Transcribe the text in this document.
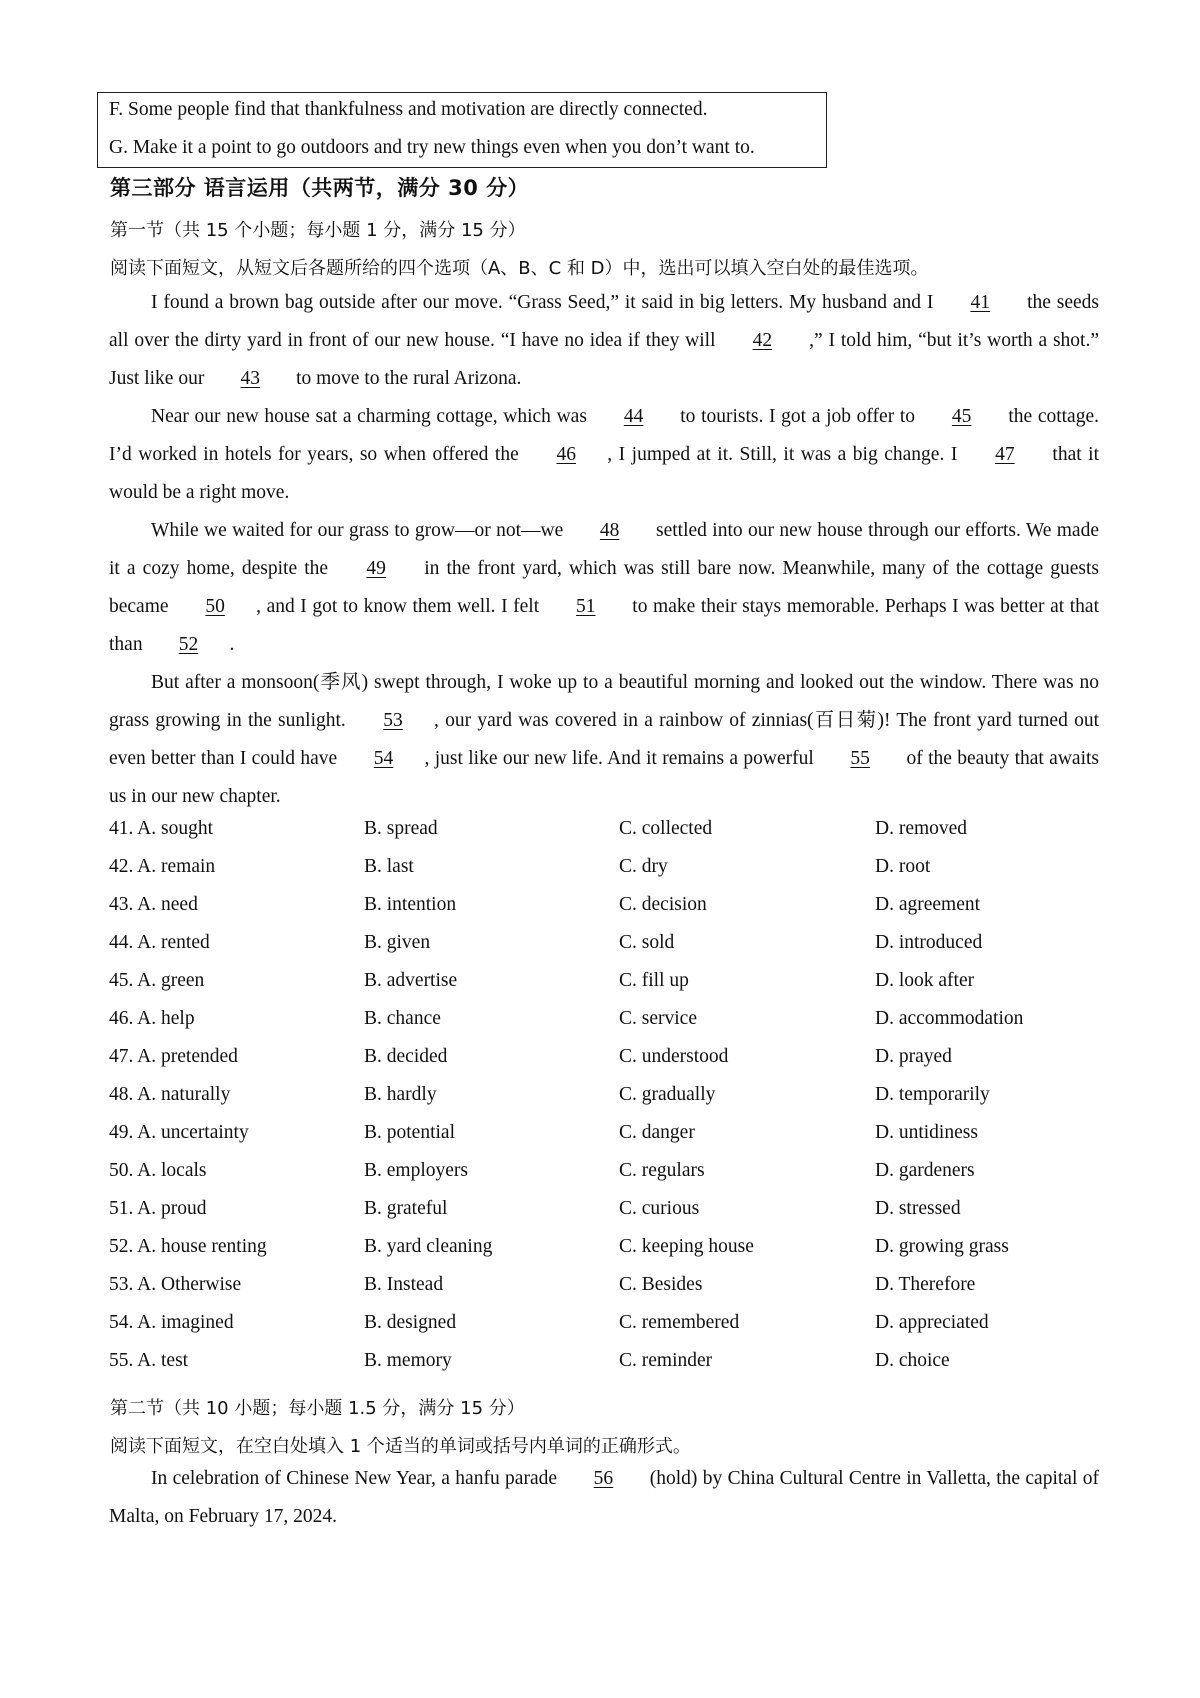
F. Some people find that thankfulness and motivation are directly connected.
G. Make it a point to go outdoors and try new things even when you don’t want to.
第三部分 语言运用（共两节，满分 30 分）
第一节（共 15 个小题；每小题 1 分，满分 15 分）
阅读下面短文，从短文后各题所给的四个选项（A、B、C 和 D）中，选出可以填入空白处的最佳选项。
I found a brown bag outside after our move. “Grass Seed,” it said in big letters. My husband and I 41 the seeds all over the dirty yard in front of our new house. “I have no idea if they will 42 ,” I told him, “but it’s worth a shot.” Just like our 43 to move to the rural Arizona.
Near our new house sat a charming cottage, which was 44 to tourists. I got a job offer to 45 the cottage. I’d worked in hotels for years, so when offered the 46 , I jumped at it. Still, it was a big change. I 47 that it would be a right move.
While we waited for our grass to grow—or not—we 48 settled into our new house through our efforts. We made it a cozy home, despite the 49 in the front yard, which was still bare now. Meanwhile, many of the cottage guests became 50 , and I got to know them well. I felt 51 to make their stays memorable. Perhaps I was better at that than 52 .
But after a monsoon(季风) swept through, I woke up to a beautiful morning and looked out the window. There was no grass growing in the sunlight. 53 , our yard was covered in a rainbow of zinnias(百日菊)! The front yard turned out even better than I could have 54 , just like our new life. And it remains a powerful 55 of the beauty that awaits us in our new chapter.
41. A. sought	B. spread	C. collected	D. removed
42. A. remain	B. last	C. dry	D. root
43. A. need	B. intention	C. decision	D. agreement
44. A. rented	B. given	C. sold	D. introduced
45. A. green	B. advertise	C. fill up	D. look after
46. A. help	B. chance	C. service	D. accommodation
47. A. pretended	B. decided	C. understood	D. prayed
48. A. naturally	B. hardly	C. gradually	D. temporarily
49. A. uncertainty	B. potential	C. danger	D. untidiness
50. A. locals	B. employers	C. regulars	D. gardeners
51. A. proud	B. grateful	C. curious	D. stressed
52. A. house renting	B. yard cleaning	C. keeping house	D. growing grass
53. A. Otherwise	B. Instead	C. Besides	D. Therefore
54. A. imagined	B. designed	C. remembered	D. appreciated
55. A. test	B. memory	C. reminder	D. choice
第二节（共 10 小题；每小题 1.5 分，满分 15 分）
阅读下面短文，在空白处填入 1 个适当的单词或括号内单词的正确形式。
In celebration of Chinese New Year, a hanfu parade 56 (hold) by China Cultural Centre in Valletta, the capital of Malta, on February 17, 2024.
